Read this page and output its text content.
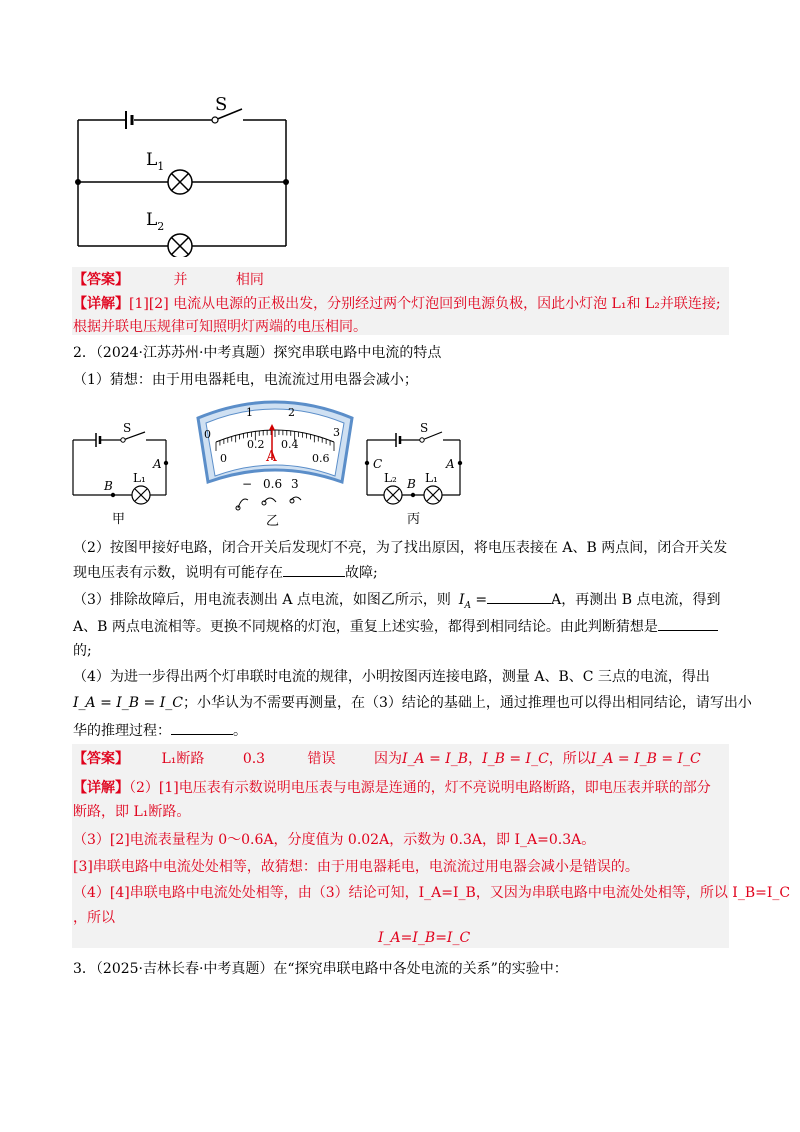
S
$L_1$
$L_2$
【答案】	并	相同
【详解】[1][2] 电流从电源的正极出发，分别经过两个灯泡回到电源负极，因此小灯泡 L₁和 L₂并联连接;
根据并联电压规律可知照明灯两端的电压相同。
2．（2024·江苏苏州·中考真题）探究串联电路中电流的特点
（1）猜想：由于用电器耗电，电流流过用电器会减小；
S
A
B
L₁
甲
0
1	2
3
0
0.2 0.4
0.6
A
− 0.6 3
乙
S
A
C
B
L₂ L₁
丙
（2）按图甲接好电路，闭合开关后发现灯不亮，为了找出原因，将电压表接在 A、B 两点间，闭合开关发
现电压表有示数，说明有可能存在	故障;
（3）排除故障后，用电流表测出 A 点电流，如图乙所示，则 $I_A$ =	A，再测出 B 点电流，得到
A、B 两点电流相等。更换不同规格的灯泡，重复上述实验，都得到相同结论。由此判断猜想是
的;
（4）为进一步得出两个灯串联时电流的规律，小明按图丙连接电路，测量 A、B、C 三点的电流，得出
I_A = I_B = I_C；小华认为不需要再测量，在（3）结论的基础上，通过推理也可以得出相同结论，请写出小
华的推理过程：	。
【答案】 L₁断路	0.3	错误	因为I_A = I_B，I_B = I_C，所以I_A = I_B = I_C
【详解】（2）[1]电压表有示数说明电压表与电源是连通的，灯不亮说明电路断路，即电压表并联的部分
断路，即 L₁断路。
（3）[2]电流表量程为 0～0.6A，分度值为 0.02A，示数为 0.3A，即 I_A=0.3A。
[3]串联电路中电流处处相等，故猜想：由于用电器耗电，电流流过用电器会减小是错误的。
（4）[4]串联电路中电流处处相等，由（3）结论可知，I_A=I_B，又因为串联电路中电流处处相等，所以 I_B=I_C
，所以
I_A=I_B=I_C
3．（2025·吉林长春·中考真题）在“探究串联电路中各处电流的关系”的实验中：
